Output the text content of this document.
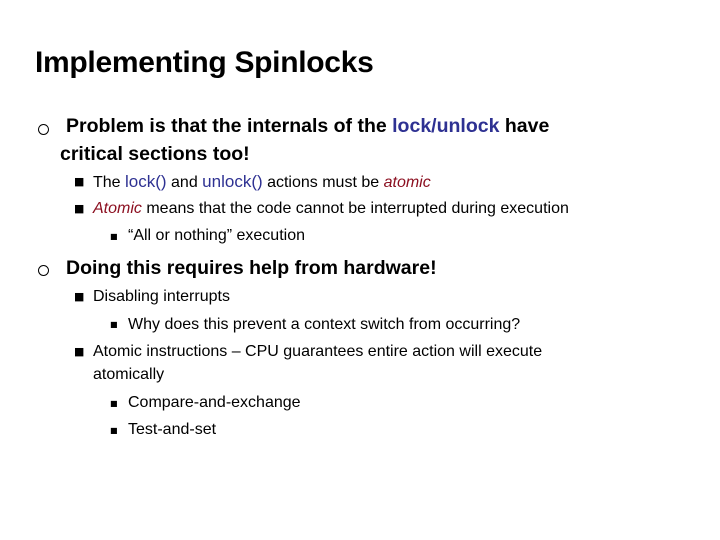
Implementing Spinlocks
Problem is that the internals of the lock/unlock have
critical sections too!
■ The lock() and unlock() actions must be atomic
■ Atomic means that the code cannot be interrupted during execution
■ “All or nothing” execution
Doing this requires help from hardware!
■ Disabling interrupts
■ Why does this prevent a context switch from occurring?
■ Atomic instructions – CPU guarantees entire action will execute
atomically
■ Compare-and-exchange
■ Test-and-set
